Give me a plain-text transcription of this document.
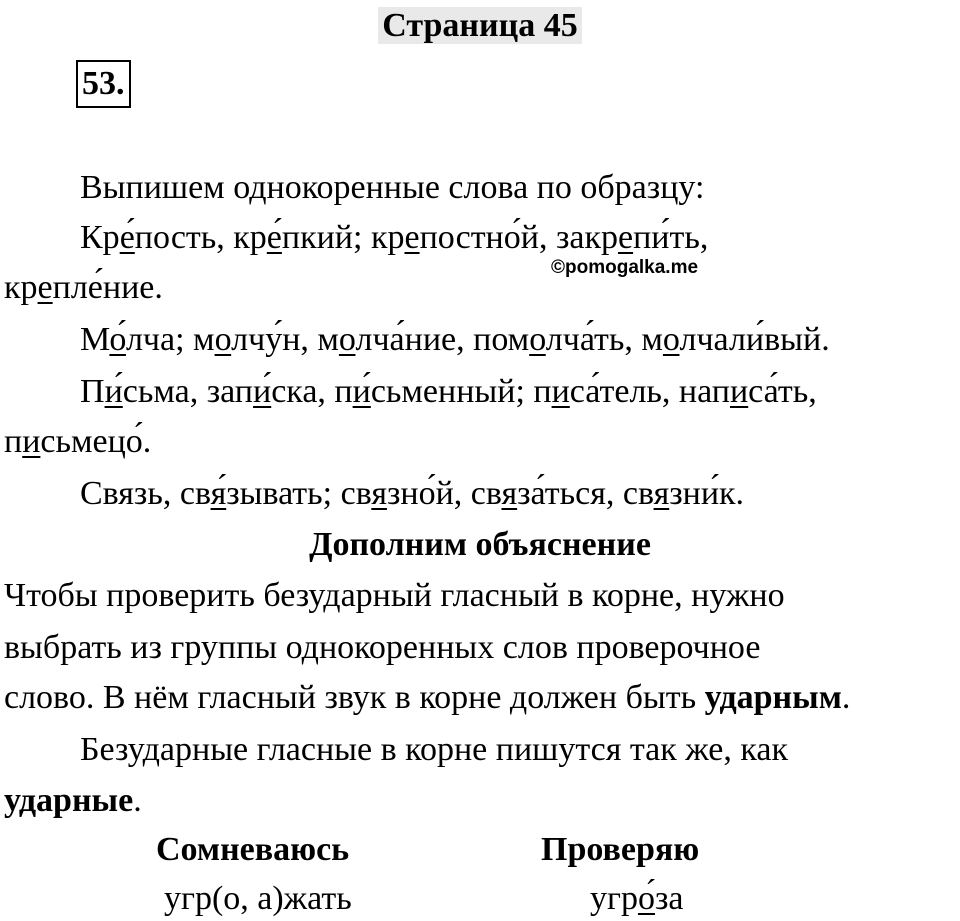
Страница 45
53.
Выпишем однокоренные слова по образцу:
Кре́пость, кре́пкий; крепостно́й, закрепи́ть,
©pomogalka.me
крепле́ние.
Мо́лча; молчу́н, молча́ние, помолча́ть, молчали́вый.
Пи́сьма, запи́ска, пи́сьменный; писа́тель, написа́ть,
письмецо́.
Связь, свя́зывать; связно́й, связа́ться, связни́к.
Дополним объяснение
Чтобы проверить безударный гласный в корне, нужно
выбрать из группы однокоренных слов проверочное
слово. В нём гласный звук в корне должен быть ударным.
Безударные гласные в корне пишутся так же, как
ударные.
Сомневаюсь	Проверяю
угр(о, а)жать	угро́за
